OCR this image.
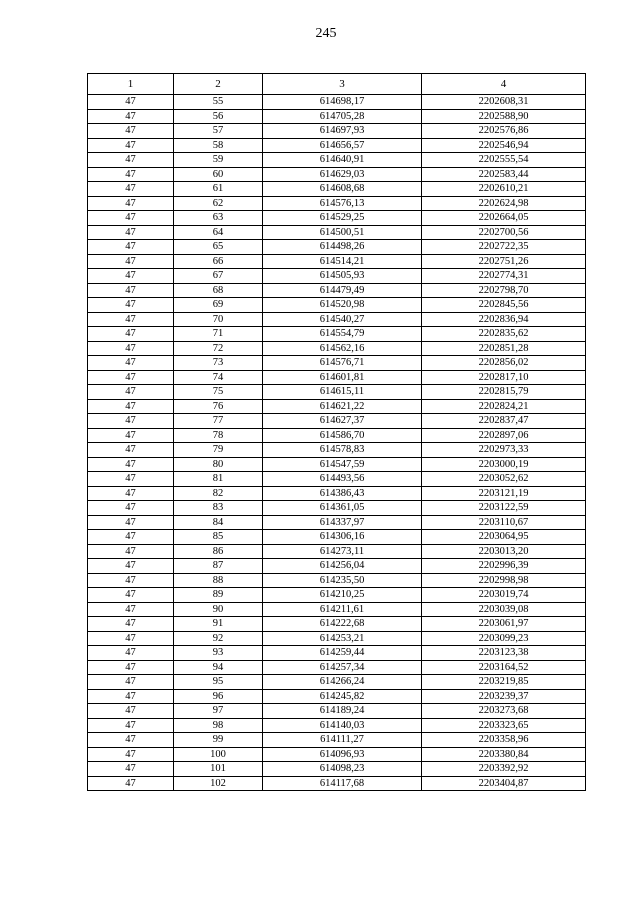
245
1	2	3	4
47	55	614698,17	2202608,31
47	56	614705,28	2202588,90
47	57	614697,93	2202576,86
47	58	614656,57	2202546,94
47	59	614640,91	2202555,54
47	60	614629,03	2202583,44
47	61	614608,68	2202610,21
47	62	614576,13	2202624,98
47	63	614529,25	2202664,05
47	64	614500,51	2202700,56
47	65	614498,26	2202722,35
47	66	614514,21	2202751,26
47	67	614505,93	2202774,31
47	68	614479,49	2202798,70
47	69	614520,98	2202845,56
47	70	614540,27	2202836,94
47	71	614554,79	2202835,62
47	72	614562,16	2202851,28
47	73	614576,71	2202856,02
47	74	614601,81	2202817,10
47	75	614615,11	2202815,79
47	76	614621,22	2202824,21
47	77	614627,37	2202837,47
47	78	614586,70	2202897,06
47	79	614578,83	2202973,33
47	80	614547,59	2203000,19
47	81	614493,56	2203052,62
47	82	614386,43	2203121,19
47	83	614361,05	2203122,59
47	84	614337,97	2203110,67
47	85	614306,16	2203064,95
47	86	614273,11	2203013,20
47	87	614256,04	2202996,39
47	88	614235,50	2202998,98
47	89	614210,25	2203019,74
47	90	614211,61	2203039,08
47	91	614222,68	2203061,97
47	92	614253,21	2203099,23
47	93	614259,44	2203123,38
47	94	614257,34	2203164,52
47	95	614266,24	2203219,85
47	96	614245,82	2203239,37
47	97	614189,24	2203273,68
47	98	614140,03	2203323,65
47	99	614111,27	2203358,96
47	100	614096,93	2203380,84
47	101	614098,23	2203392,92
47	102	614117,68	2203404,87
